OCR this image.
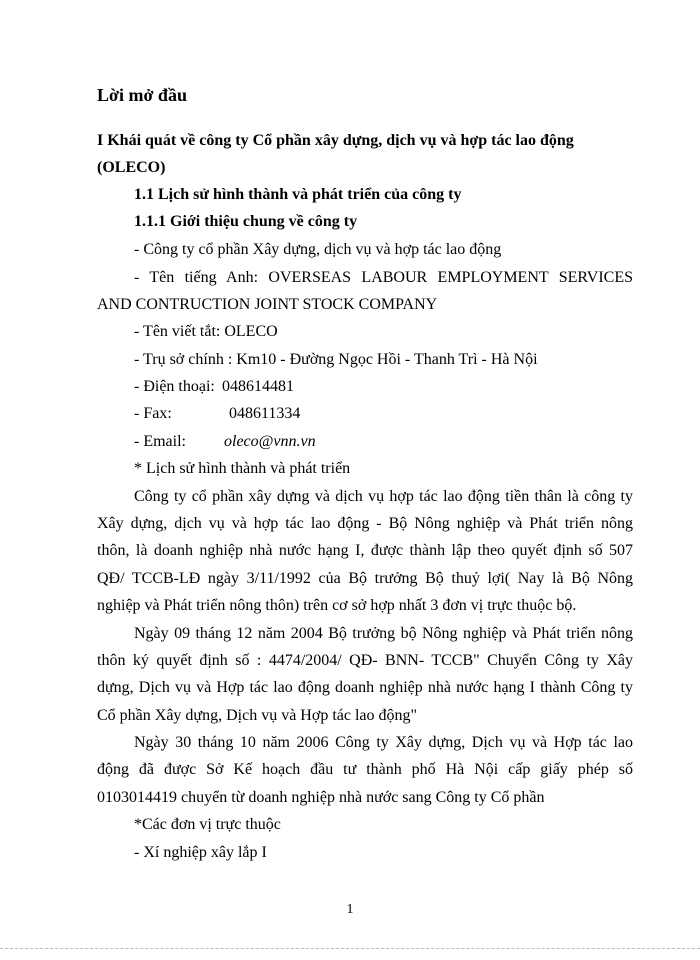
Lời mở đầu
I Khái quát về công ty Cổ phần xây dựng, dịch vụ và hợp tác lao động
(OLECO)
1.1 Lịch sử hình thành và phát triển của công ty
1.1.1 Giới thiệu chung về công ty
- Công ty cổ phần Xây dựng, dịch vụ và hợp tác lao động
- Tên tiếng Anh: OVERSEAS LABOUR EMPLOYMENT SERVICES
AND CONTRUCTION JOINT STOCK COMPANY
- Tên viết tắt: OLECO
- Trụ sở chính : Km10 - Đường Ngọc Hồi - Thanh Trì - Hà Nội
- Điện thoại: 048614481
- Fax:	048611334
- Email: oleco@vnn.vn
* Lịch sử hình thành và phát triển
Công ty cổ phần xây dựng và dịch vụ hợp tác lao động tiền thân là công ty
Xây dựng, dịch vụ và hợp tác lao động - Bộ Nông nghiệp và Phát triển nông
thôn, là doanh nghiệp nhà nước hạng I, được thành lập theo quyết định số 507
QĐ/ TCCB-LĐ ngày 3/11/1992 của Bộ trưởng Bộ thuỷ lợi( Nay là Bộ Nông
nghiệp và Phát triển nông thôn) trên cơ sở hợp nhất 3 đơn vị trực thuộc bộ.
Ngày 09 tháng 12 năm 2004 Bộ trưởng bộ Nông nghiệp và Phát triển nông
thôn ký quyết định số : 4474/2004/ QĐ- BNN- TCCB" Chuyển Công ty Xây
dựng, Dịch vụ và Hợp tác lao động doanh nghiệp nhà nước hạng I thành Công ty
Cổ phần Xây dựng, Dịch vụ và Hợp tác lao động"
Ngày 30 tháng 10 năm 2006 Công ty Xây dựng, Dịch vụ và Hợp tác lao
động đã được Sở Kế hoạch đầu tư thành phố Hà Nội cấp giấy phép số
0103014419 chuyển từ doanh nghiệp nhà nước sang Công ty Cổ phần
*Các đơn vị trực thuộc
- Xí nghiệp xây lắp I
1
